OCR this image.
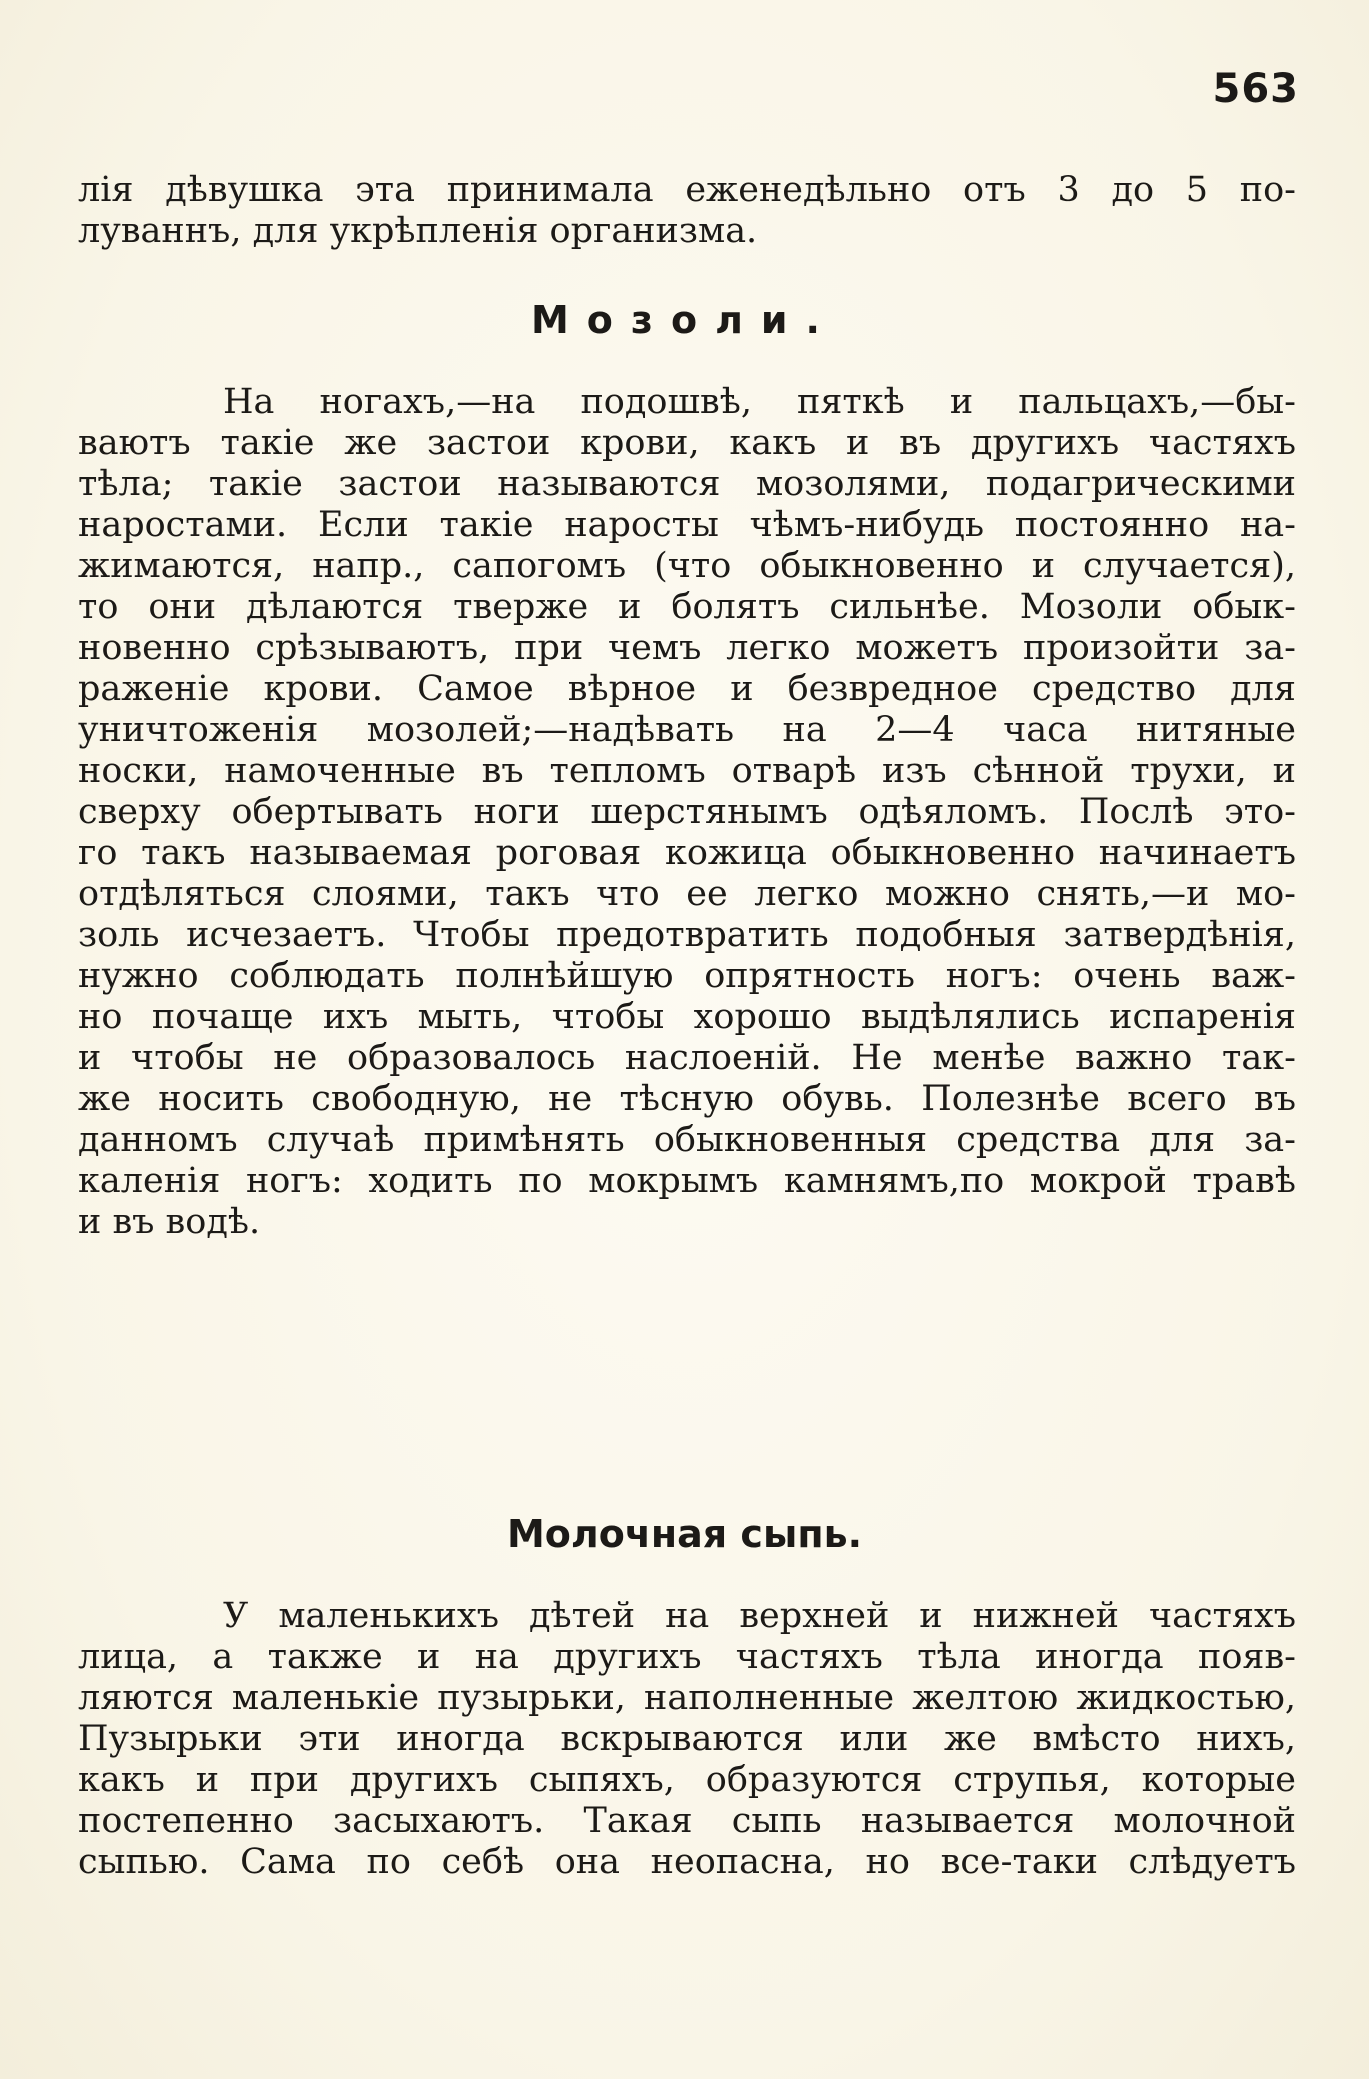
563
лія дѣвушка эта принимала еженедѣльно отъ 3 до 5 по-
луваннъ, для укрѣпленія организма.
Мозоли.
На ногахъ,—на подошвѣ, пяткѣ и пальцахъ,—бы-
ваютъ такіе же застои крови, какъ и въ другихъ частяхъ
тѣла; такіе застои называются мозолями, подагрическими
наростами. Если такіе наросты чѣмъ-нибудь постоянно на-
жимаются, напр., сапогомъ (что обыкновенно и случается),
то они дѣлаются тверже и болятъ сильнѣе. Мозоли обык-
новенно срѣзываютъ, при чемъ легко можетъ произойти за-
раженіе крови. Самое вѣрное и безвредное средство для
уничтоженія мозолей;—надѣвать на 2—4 часа нитяные
носки, намоченные въ тепломъ отварѣ изъ сѣнной трухи, и
сверху обертывать ноги шерстянымъ одѣяломъ. Послѣ это-
го такъ называемая роговая кожица обыкновенно начинаетъ
отдѣляться слоями, такъ что ее легко можно снять,—и мо-
золь исчезаетъ. Чтобы предотвратить подобныя затвердѣнія,
нужно соблюдать полнѣйшую опрятность ногъ: очень важ-
но почаще ихъ мыть, чтобы хорошо выдѣлялись испаренія
и чтобы не образовалось наслоеній. Не менѣе важно так-
же носить свободную, не тѣсную обувь. Полезнѣе всего въ
данномъ случаѣ примѣнять обыкновенныя средства для за-
каленія ногъ: ходить по мокрымъ камнямъ,по мокрой травѣ
и въ водѣ.
Молочная сыпь.
У маленькихъ дѣтей на верхней и нижней частяхъ
лица, а также и на другихъ частяхъ тѣла иногда появ-
ляются маленькіе пузырьки, наполненные желтою жидкостью,
Пузырьки эти иногда вскрываются или же вмѣсто нихъ,
какъ и при другихъ сыпяхъ, образуются струпья, которые
постепенно засыхаютъ. Такая сыпь называется молочной
сыпью. Сама по себѣ она неопасна, но все-таки слѣдуетъ
